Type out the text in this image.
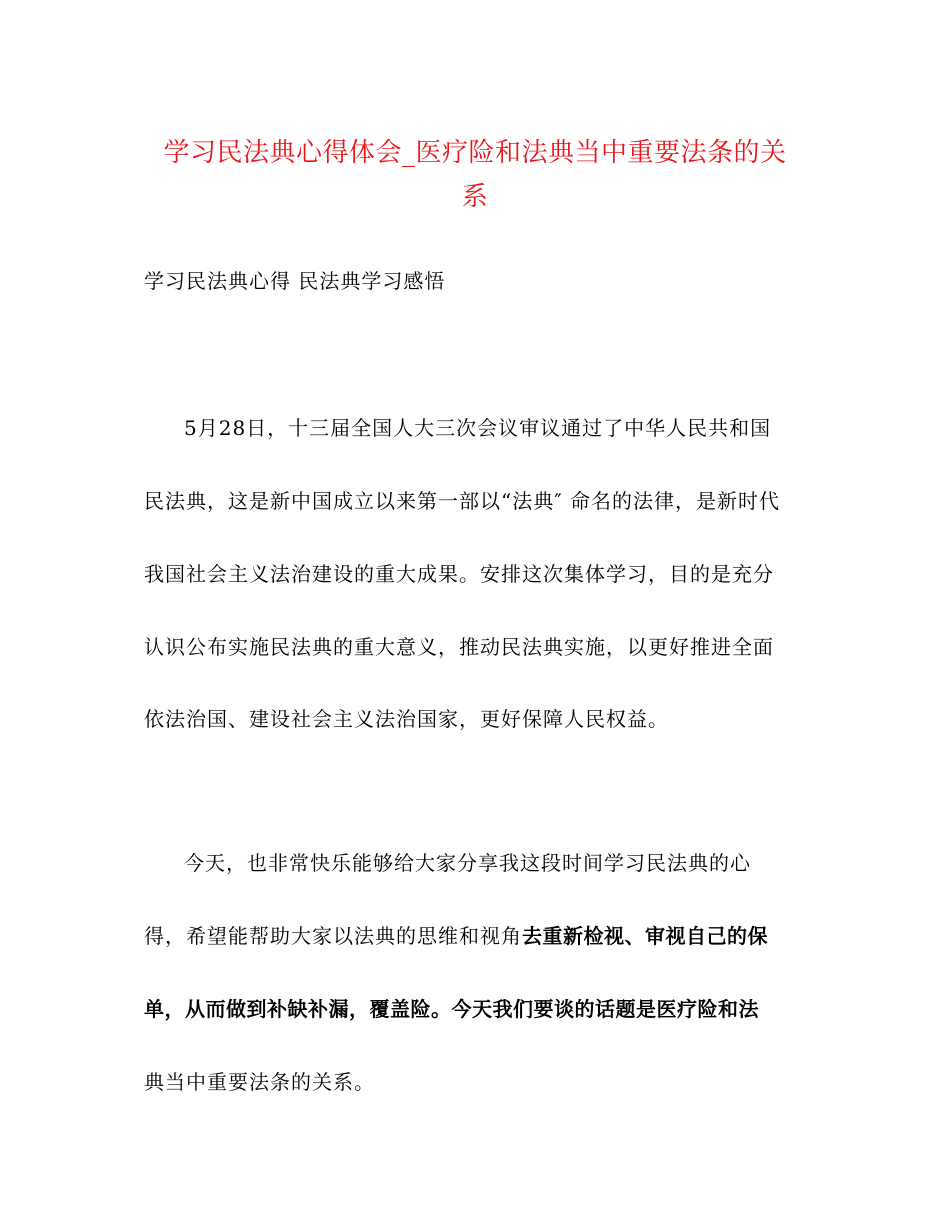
学习民法典心得体会_医疗险和法典当中重要法条的关
系
学习民法典心得 民法典学习感悟
5月28日，十三届全国人大三次会议审议通过了中华人民共和国
民法典，这是新中国成立以来第一部以“法典″ 命名的法律，是新时代
我国社会主义法治建设的重大成果。安排这次集体学习，目的是充分
认识公布实施民法典的重大意义，推动民法典实施，以更好推进全面
依法治国、建设社会主义法治国家，更好保障人民权益。
今天，也非常快乐能够给大家分享我这段时间学习民法典的心
得，希望能帮助大家以法典的思维和视角去重新检视、审视自己的保
单，从而做到补缺补漏，覆盖险。今天我们要谈的话题是医疗险和法
典当中重要法条的关系。
